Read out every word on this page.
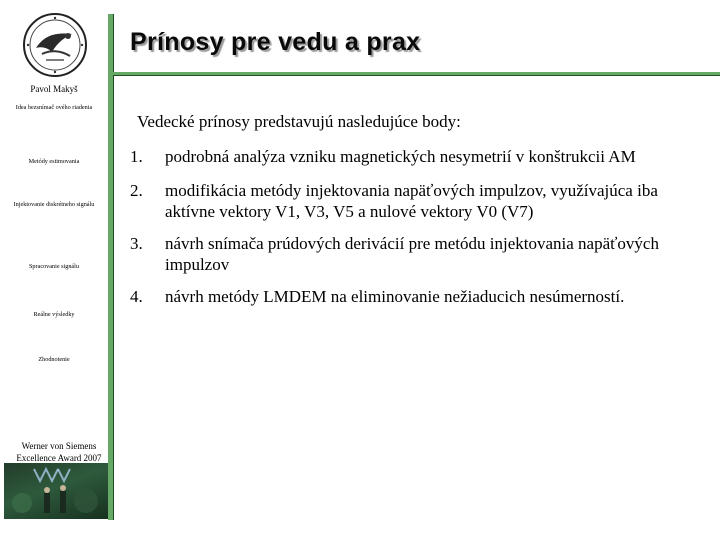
Pavol Makyš
Idea bezsnímač ového riadenia
Metódy estimovania
Injektovanie diskrétneho signálu
Spracovanie signálu
Reálne výsledky
Zhodnotenie
Werner von Siemens
Excellence Award 2007
Prínosy pre vedu a prax
Vedecké prínosy predstavujú nasledujúce body:
1.	podrobná analýza vzniku magnetických nesymetrií v konštrukcii AM
2.	modifikácia metódy injektovania napäťových impulzov, využívajúca iba aktívne vektory V1, V3, V5 a nulové vektory V0 (V7)
3.	návrh snímača prúdových derivácií pre metódu injektovania napäťových impulzov
4.	návrh metódy LMDEM na eliminovanie nežiaducich nesúmerností.
